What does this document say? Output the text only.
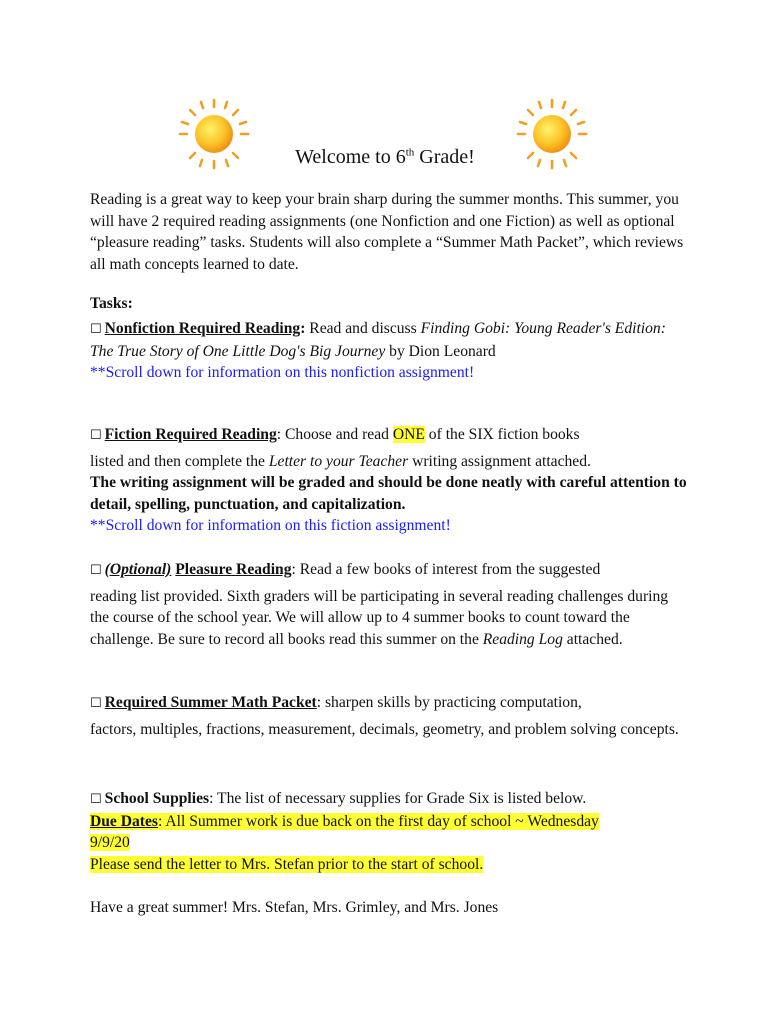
Welcome to 6th Grade!
Reading is a great way to keep your brain sharp during the summer months. This summer, you will have 2 required reading assignments (one Nonfiction and one Fiction) as well as optional “pleasure reading” tasks. Students will also complete a “Summer Math Packet”, which reviews all math concepts learned to date.
Tasks:
☐ Nonfiction Required Reading: Read and discuss Finding Gobi: Young Reader's Edition: The True Story of One Little Dog's Big Journey by Dion Leonard
**Scroll down for information on this nonfiction assignment!
☐ Fiction Required Reading: Choose and read ONE of the SIX fiction books
listed and then complete the Letter to your Teacher writing assignment attached.
The writing assignment will be graded and should be done neatly with careful attention to detail, spelling, punctuation, and capitalization.
**Scroll down for information on this fiction assignment!
☐ (Optional) Pleasure Reading: Read a few books of interest from the suggested
reading list provided. Sixth graders will be participating in several reading challenges during the course of the school year. We will allow up to 4 summer books to count toward the challenge. Be sure to record all books read this summer on the Reading Log attached.
☐ Required Summer Math Packet: sharpen skills by practicing computation,
factors, multiples, fractions, measurement, decimals, geometry, and problem solving concepts.
☐ School Supplies: The list of necessary supplies for Grade Six is listed below.
Due Dates: All Summer work is due back on the first day of school ~ Wednesday
9/9/20
Please send the letter to Mrs. Stefan prior to the start of school.
Have a great summer! Mrs. Stefan, Mrs. Grimley, and Mrs. Jones
